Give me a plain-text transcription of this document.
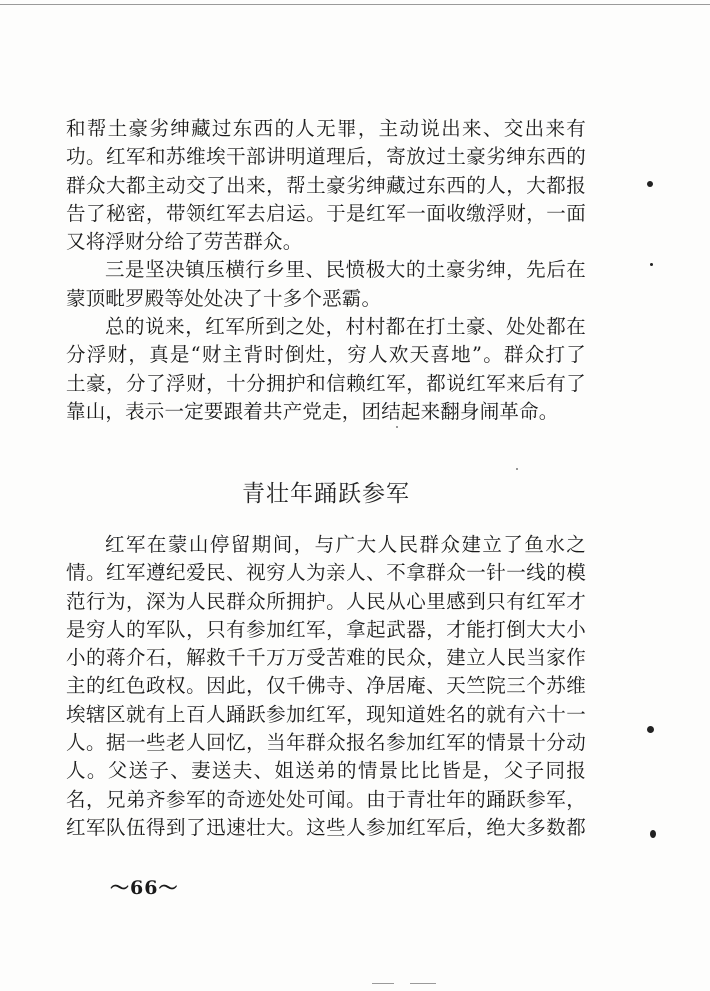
和帮土豪劣绅藏过东西的人无罪，主动说出来、交出来有
功。红军和苏维埃干部讲明道理后，寄放过土豪劣绅东西的
群众大都主动交了出来，帮土豪劣绅藏过东西的人，大都报
告了秘密，带领红军去启运。于是红军一面收缴浮财，一面
又将浮财分给了劳苦群众。
三是坚决镇压横行乡里、民愤极大的土豪劣绅，先后在
蒙顶毗罗殿等处处决了十多个恶霸。
总的说来，红军所到之处，村村都在打土豪、处处都在
分浮财，真是“财主背时倒灶，穷人欢天喜地”。群众打了
土豪，分了浮财，十分拥护和信赖红军，都说红军来后有了
靠山，表示一定要跟着共产党走，团结起来翻身闹革命。
青壮年踊跃参军
红军在蒙山停留期间，与广大人民群众建立了鱼水之
情。红军遵纪爱民、视穷人为亲人、不拿群众一针一线的模
范行为，深为人民群众所拥护。人民从心里感到只有红军才
是穷人的军队，只有参加红军，拿起武器，才能打倒大大小
小的蒋介石，解救千千万万受苦难的民众，建立人民当家作
主的红色政权。因此，仅千佛寺、净居庵、天竺院三个苏维
埃辖区就有上百人踊跃参加红军，现知道姓名的就有六十一
人。据一些老人回忆，当年群众报名参加红军的情景十分动
人。父送子、妻送夫、姐送弟的情景比比皆是，父子同报
名，兄弟齐参军的奇迹处处可闻。由于青壮年的踊跃参军，
红军队伍得到了迅速壮大。这些人参加红军后，绝大多数都
～66～
